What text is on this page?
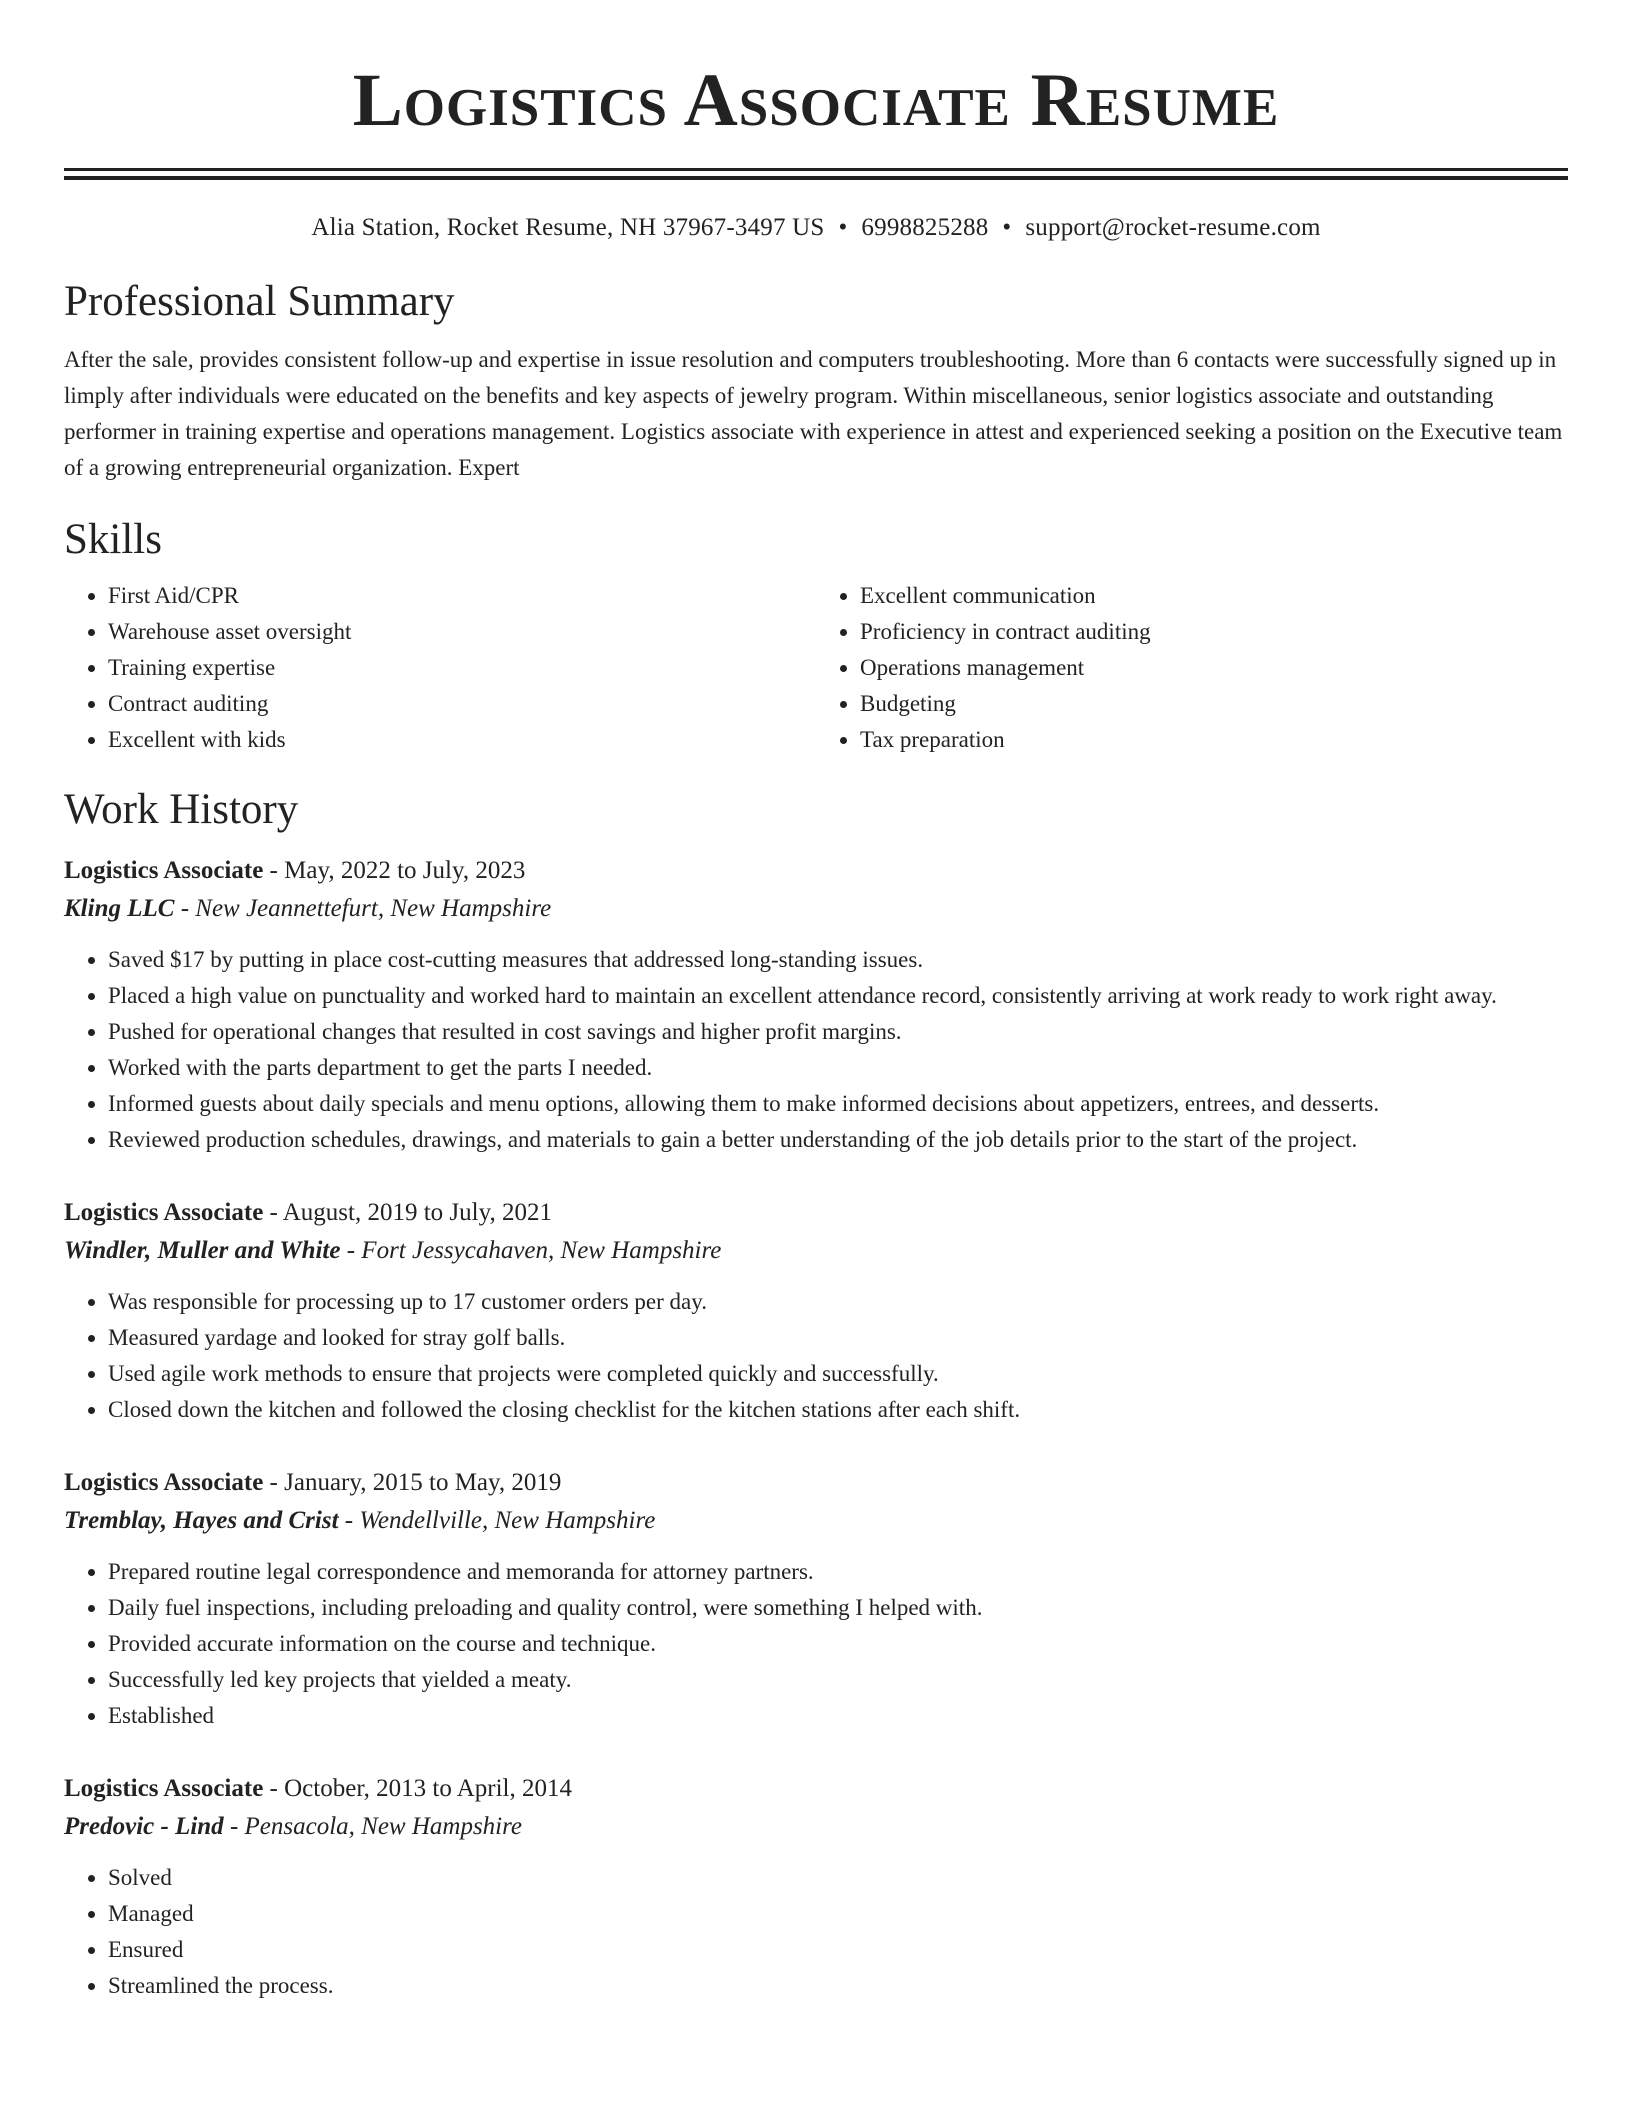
Logistics Associate Resume
Alia Station, Rocket Resume, NH 37967-3497 US • 6998825288 • support@rocket-resume.com
Professional Summary

After the sale, provides consistent follow-up and expertise in issue resolution and computers troubleshooting. More than 6 contacts were successfully signed up in limply after individuals were educated on the benefits and key aspects of jewelry program. Within miscellaneous, senior logistics associate and outstanding performer in training expertise and operations management. Logistics associate with experience in attest and experienced seeking a position on the Executive team of a growing entrepreneurial organization. Expert

Skills
• First Aid/CPR
• Warehouse asset oversight
• Training expertise
• Contract auditing
• Excellent with kids
• Excellent communication
• Proficiency in contract auditing
• Operations management
• Budgeting
• Tax preparation
Work History
Logistics Associate - May, 2022 to July, 2023
Kling LLC - New Jeannettefurt, New Hampshire
• Saved $17 by putting in place cost-cutting measures that addressed long-standing issues.
• Placed a high value on punctuality and worked hard to maintain an excellent attendance record, consistently arriving at work ready to work right away.
• Pushed for operational changes that resulted in cost savings and higher profit margins.
• Worked with the parts department to get the parts I needed.
• Informed guests about daily specials and menu options, allowing them to make informed decisions about appetizers, entrees, and desserts.
• Reviewed production schedules, drawings, and materials to gain a better understanding of the job details prior to the start of the project.
Logistics Associate - August, 2019 to July, 2021
Windler, Muller and White - Fort Jessycahaven, New Hampshire
• Was responsible for processing up to 17 customer orders per day.
• Measured yardage and looked for stray golf balls.
• Used agile work methods to ensure that projects were completed quickly and successfully.
• Closed down the kitchen and followed the closing checklist for the kitchen stations after each shift.
Logistics Associate - January, 2015 to May, 2019
Tremblay, Hayes and Crist - Wendellville, New Hampshire
• Prepared routine legal correspondence and memoranda for attorney partners.
• Daily fuel inspections, including preloading and quality control, were something I helped with.
• Provided accurate information on the course and technique.
• Successfully led key projects that yielded a meaty.
• Established
Logistics Associate - October, 2013 to April, 2014
Predovic - Lind - Pensacola, New Hampshire
• Solved
• Managed
• Ensured
• Streamlined the process.
